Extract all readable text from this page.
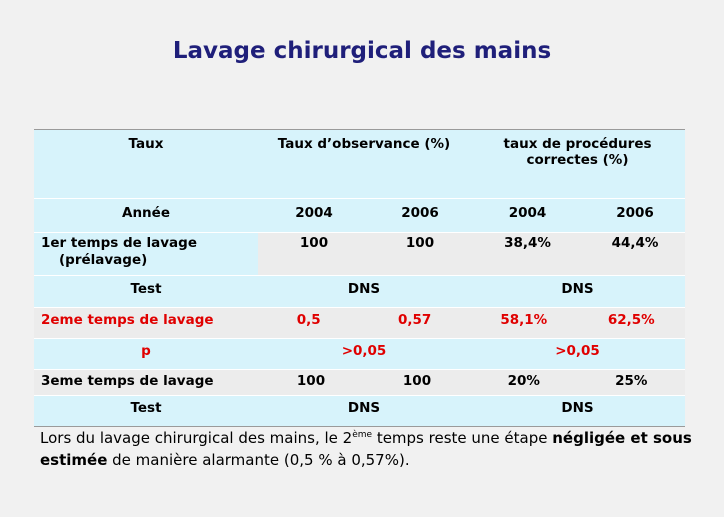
Lavage chirurgical des mains
Taux	Taux d’observance (%)		taux de procédures
correctes (%)	
Année	2004	2006	2004	2006
1er temps de lavage
(prélavage)	100	100	38,4%	44,4%
Test	DNS		DNS	
2eme temps de lavage	0,5 0,57		58,1% 62,5%	

p	>0,05		>0,05	
3eme temps de lavage	100 100		20% 25%	

Test	DNS		DNS	
Lors du lavage chirurgical des mains, le 2ème temps reste une étape négligée et sous estimée de manière alarmante (0,5 % à 0,57%).
